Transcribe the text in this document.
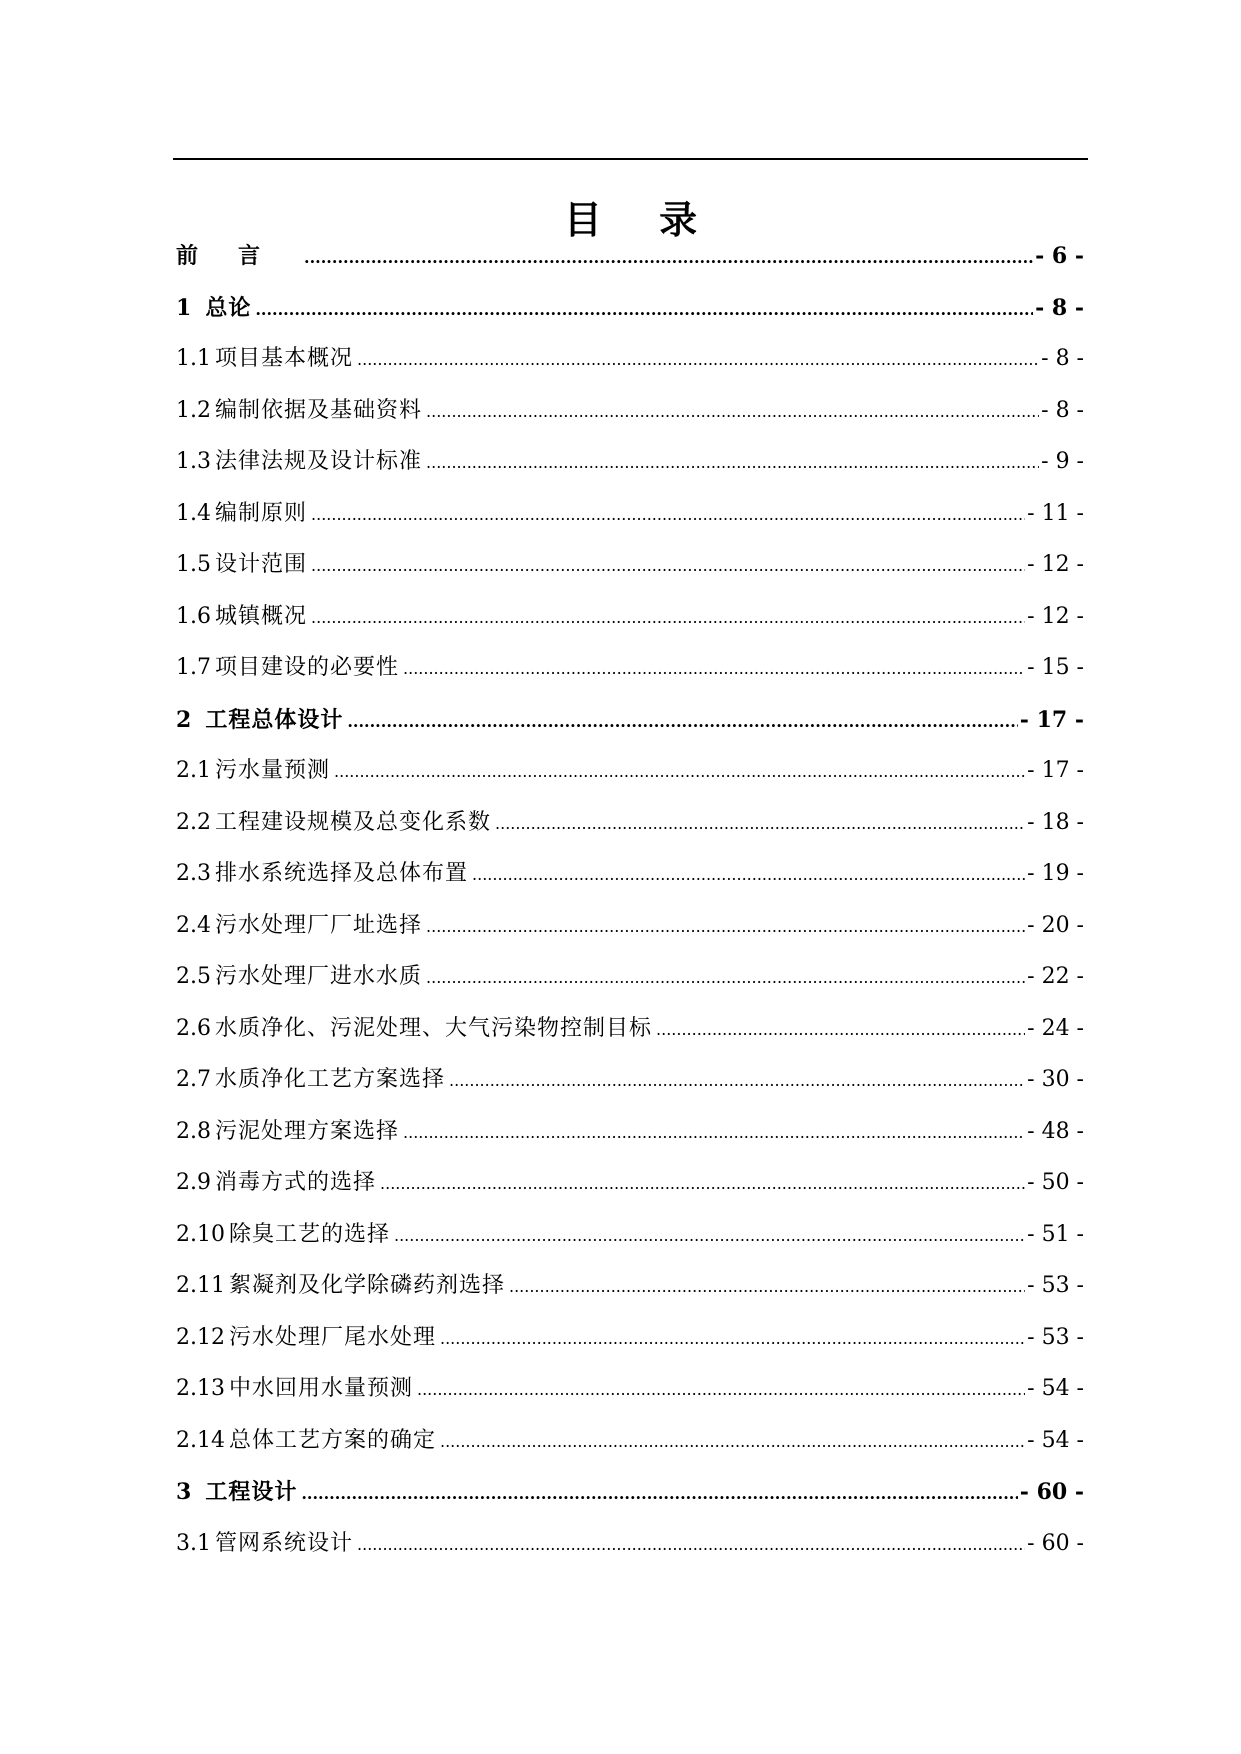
目 录
前言 .....	- 6 -
1 总论 .....	- 8 -
1.1 项目基本概况 .....	- 8 -
1.2 编制依据及基础资料 .....	- 8 -
1.3 法律法规及设计标准 .....	- 9 -
1.4 编制原则 .....	- 11 -
1.5 设计范围 .....	- 12 -
1.6 城镇概况 .....	- 12 -
1.7 项目建设的必要性 .....	- 15 -
2 工程总体设计 .....	- 17 -
2.1 污水量预测 .....	- 17 -
2.2 工程建设规模及总变化系数 .....	- 18 -
2.3 排水系统选择及总体布置 .....	- 19 -
2.4 污水处理厂厂址选择 .....	- 20 -
2.5 污水处理厂进水水质 .....	- 22 -
2.6 水质净化、污泥处理、大气污染物控制目标 .....	- 24 -
2.7 水质净化工艺方案选择 .....	- 30 -
2.8 污泥处理方案选择 .....	- 48 -
2.9 消毒方式的选择 .....	- 50 -
2.10 除臭工艺的选择 .....	- 51 -
2.11 絮凝剂及化学除磷药剂选择 .....	- 53 -
2.12 污水处理厂尾水处理 .....	- 53 -
2.13 中水回用水量预测 .....	- 54 -
2.14 总体工艺方案的确定 .....	- 54 -
3 工程设计 .....	- 60 -
3.1 管网系统设计 .....	- 60 -
